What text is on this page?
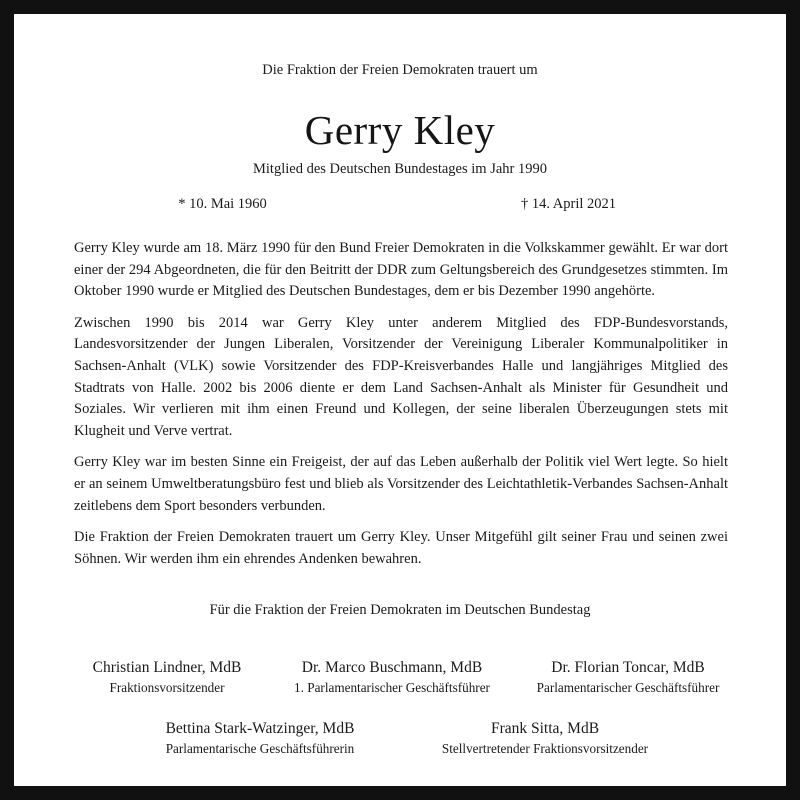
Die Fraktion der Freien Demokraten trauert um
Gerry Kley
Mitglied des Deutschen Bundestages im Jahr 1990
* 10. Mai 1960	† 14. April 2021

Gerry Kley wurde am 18. März 1990 für den Bund Freier Demokraten in die Volkskammer gewählt. Er war dort einer der 294 Abgeordneten, die für den Beitritt der DDR zum Geltungsbereich des Grundgesetzes stimmten. Im Oktober 1990 wurde er Mitglied des Deutschen Bundestages, dem er bis Dezember 1990 angehörte.

Zwischen 1990 bis 2014 war Gerry Kley unter anderem Mitglied des FDP-Bundesvorstands, Landesvorsitzender der Jungen Liberalen, Vorsitzender der Vereinigung Liberaler Kommunalpolitiker in Sachsen-Anhalt (VLK) sowie Vorsitzender des FDP-Kreisverbandes Halle und langjähriges Mitglied des Stadtrats von Halle. 2002 bis 2006 diente er dem Land Sachsen-Anhalt als Minister für Gesundheit und Soziales. Wir verlieren mit ihm einen Freund und Kollegen, der seine liberalen Überzeugungen stets mit Klugheit und Verve vertrat.

Gerry Kley war im besten Sinne ein Freigeist, der auf das Leben außerhalb der Politik viel Wert legte. So hielt er an seinem Umweltberatungsbüro fest und blieb als Vorsitzender des Leichtathletik-Verbandes Sachsen-Anhalt zeitlebens dem Sport besonders verbunden.

Die Fraktion der Freien Demokraten trauert um Gerry Kley. Unser Mitgefühl gilt seiner Frau und seinen zwei Söhnen. Wir werden ihm ein ehrendes Andenken bewahren.

Für die Fraktion der Freien Demokraten im Deutschen Bundestag
Christian Lindner, MdB
Fraktionsvorsitzender
Dr. Marco Buschmann, MdB
1. Parlamentarischer Geschäftsführer
Dr. Florian Toncar, MdB
Parlamentarischer Geschäftsführer
Bettina Stark-Watzinger, MdB
Parlamentarische Geschäftsführerin
Frank Sitta, MdB
Stellvertretender Fraktionsvorsitzender
